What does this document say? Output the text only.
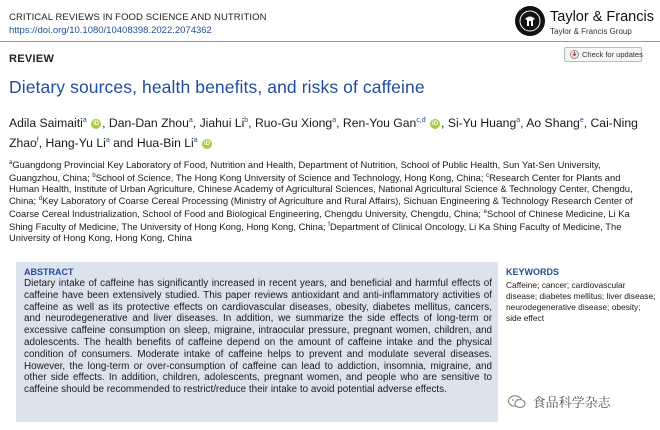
CRITICAL REVIEWS IN FOOD SCIENCE AND NUTRITION
https://doi.org/10.1080/10408398.2022.2074362
Taylor & Francis
Taylor & Francis Group
REVIEW	Check for updates
Dietary sources, health benefits, and risks of caffeine
Adila Saimaiti$^a$ iD , Dan-Dan Zhou$^a$, Jiahui Li$^b$, Ruo-Gu Xiong$^a$, Ren-You Gan$^{c,d}$ iD , Si-Yu Huang$^a$, Ao Shang$^e$, Cai-Ning Zhao$^f$, Hang-Yu Li$^a$ and Hua-Bin Li$^a$ iD
$^a$Guangdong Provincial Key Laboratory of Food, Nutrition and Health, Department of Nutrition, School of Public Health, Sun Yat-Sen University, Guangzhou, China; $^b$School of Science, The Hong Kong University of Science and Technology, Hong Kong, China; $^c$Research Center for Plants and Human Health, Institute of Urban Agriculture, Chinese Academy of Agricultural Sciences, National Agricultural Science & Technology Center, Chengdu, China; $^d$Key Laboratory of Coarse Cereal Processing (Ministry of Agriculture and Rural Affairs), Sichuan Engineering & Technology Research Center of Coarse Cereal Industrialization, School of Food and Biological Engineering, Chengdu University, Chengdu, China; $^e$School of Chinese Medicine, Li Ka Shing Faculty of Medicine, The University of Hong Kong, Hong Kong, China; $^f$Department of Clinical Oncology, Li Ka Shing Faculty of Medicine, The University of Hong Kong, Hong Kong, China
ABSTRACT
Dietary intake of caffeine has significantly increased in recent years, and beneficial and harmful effects of caffeine have been extensively studied. This paper reviews antioxidant and anti-inflammatory activities of caffeine as well as its protective effects on cardiovascular diseases, obesity, diabetes mellitus, cancers, and neurodegenerative and liver diseases. In addition, we summarize the side effects of long-term or excessive caffeine consumption on sleep, migraine, intraocular pressure, pregnant women, children, and adolescents. The health benefits of caffeine depend on the amount of caffeine intake and the physical condition of consumers. Moderate intake of caffeine helps to prevent and modulate several diseases. However, the long-term or over-consumption of caffeine can lead to addiction, insomnia, migraine, and other side effects. In addition, children, adolescents, pregnant women, and people who are sensitive to caffeine should be recommended to restrict/reduce their intake to avoid potential adverse effects.
KEYWORDS
Caffeine; cancer; cardiovascular disease; diabetes mellitus; liver disease; neurodegenerative disease; obesity; side effect
食品科学杂志
